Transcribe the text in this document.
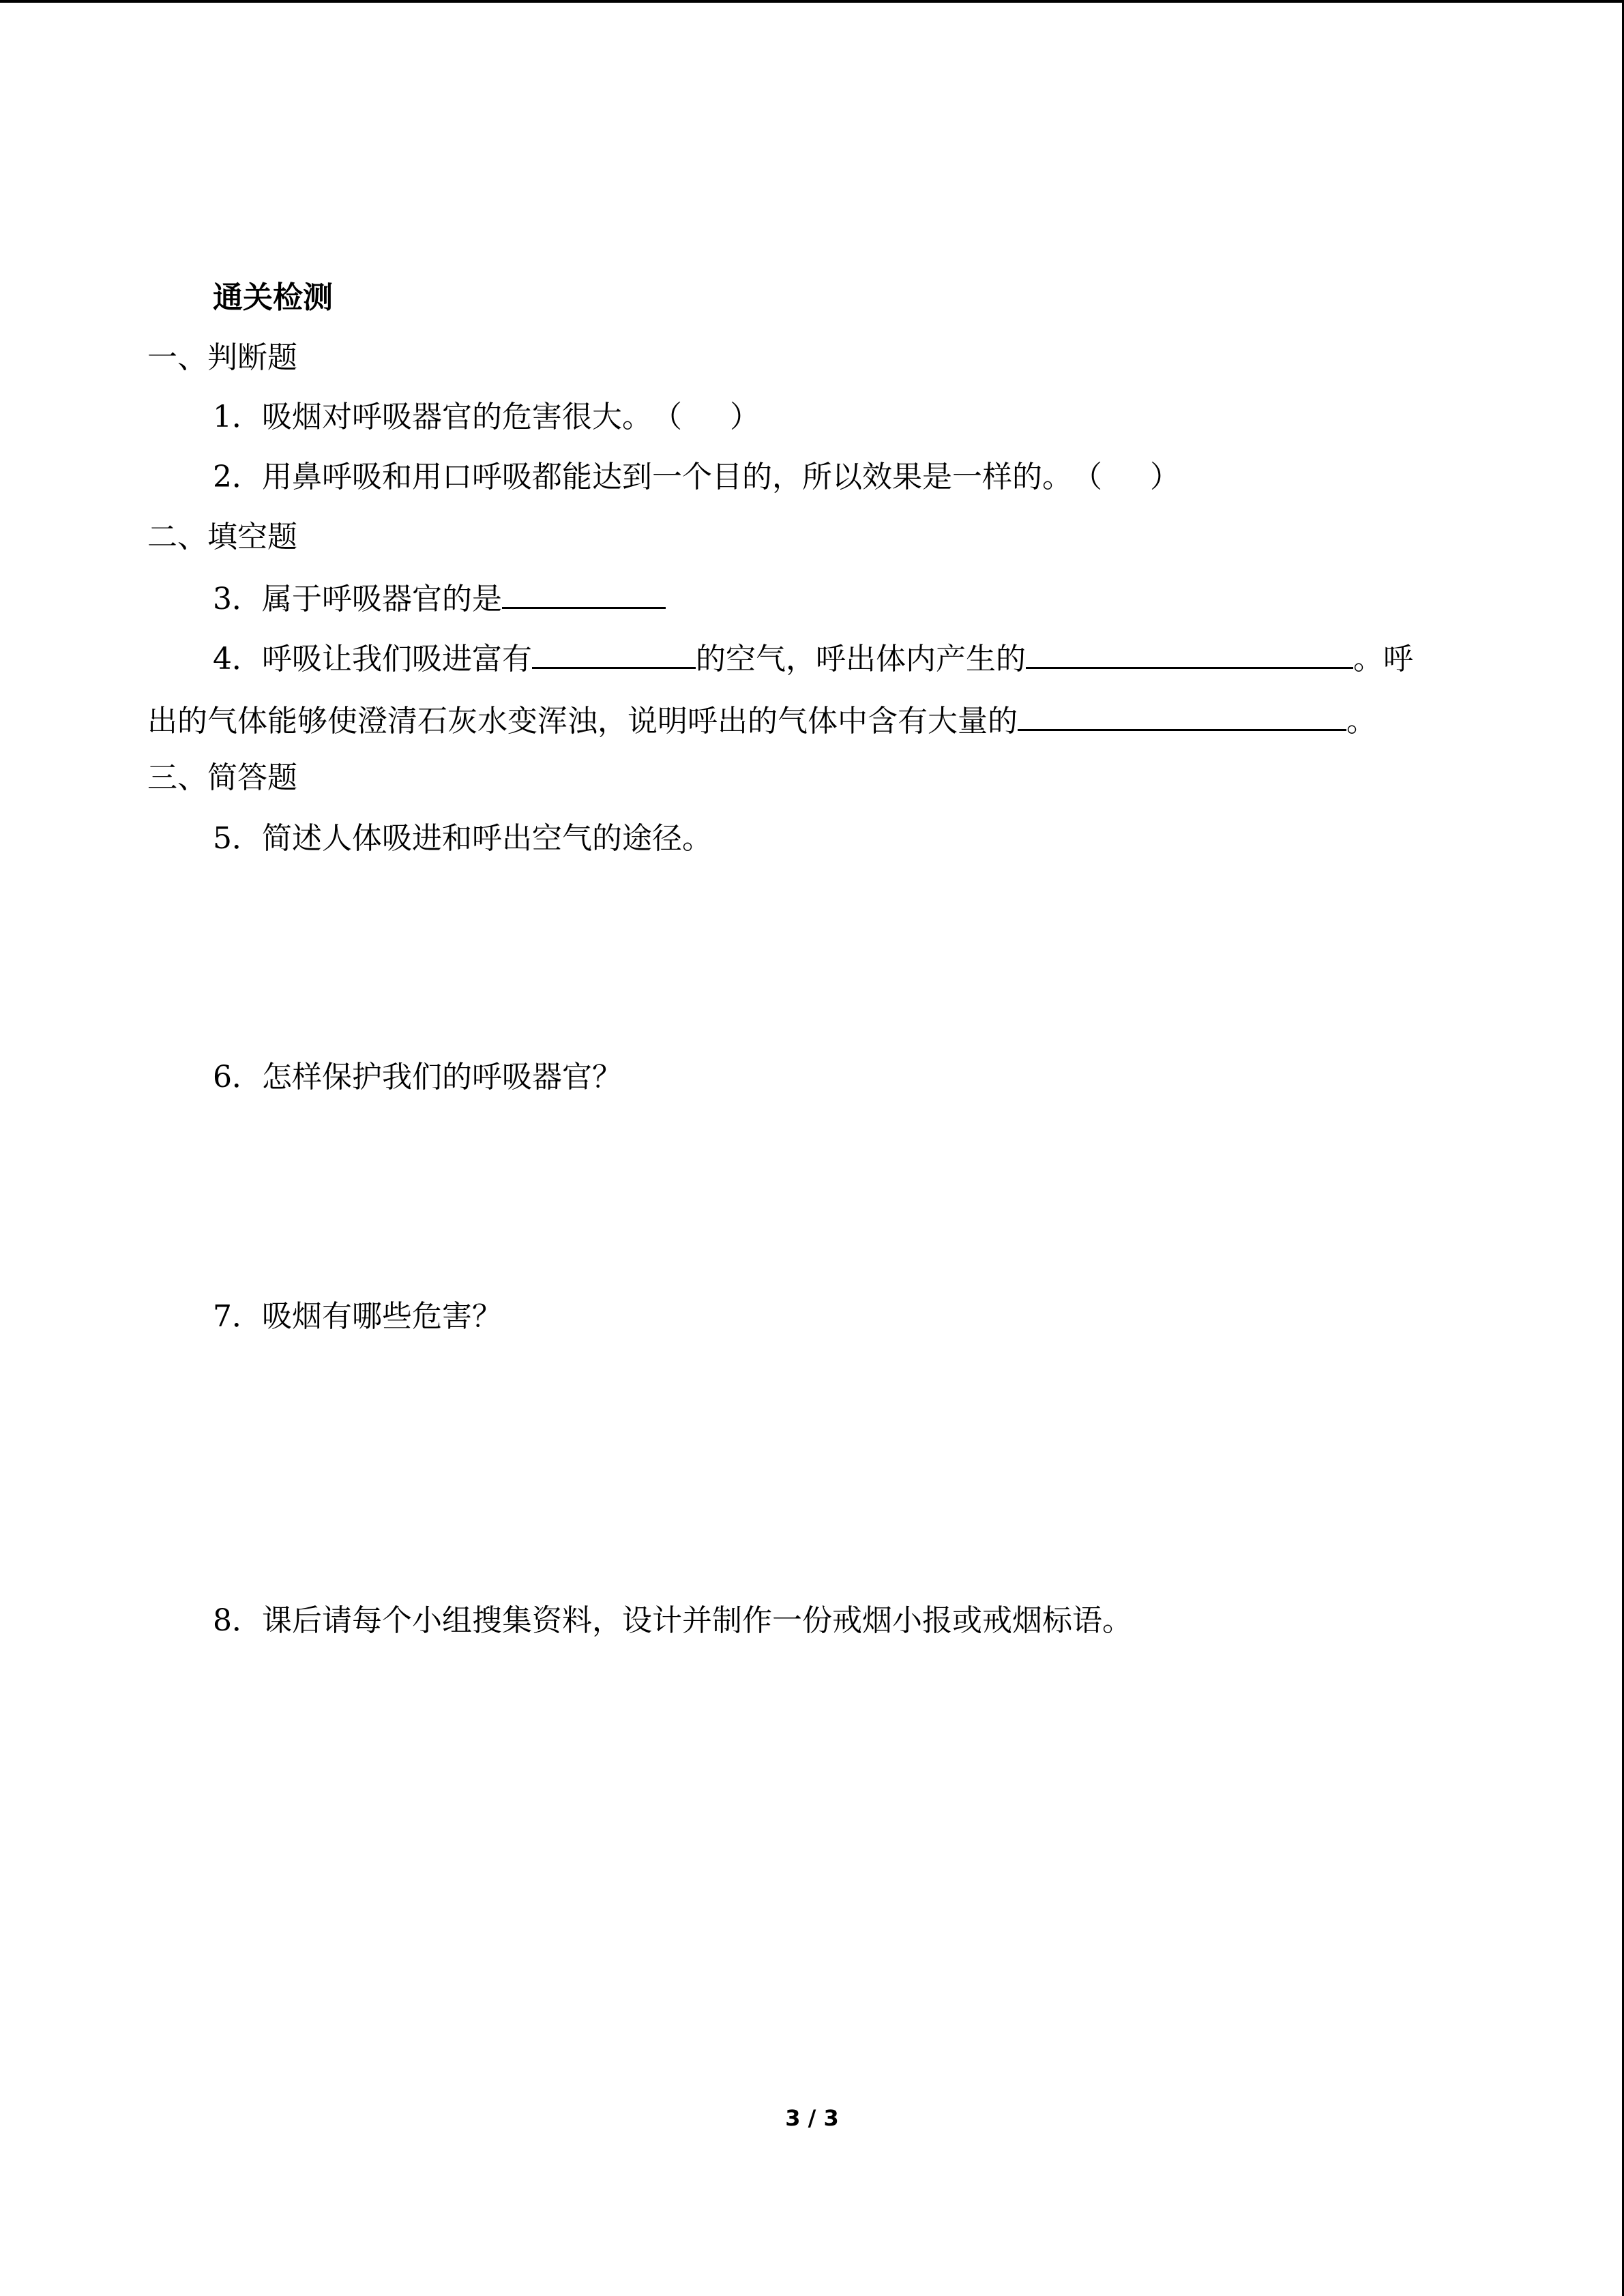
通关检测

一、判断题

1．吸烟对呼吸器官的危害很大。（ ）

2．用鼻呼吸和用口呼吸都能达到一个目的，所以效果是一样的。（ ）

二、填空题

3．属于呼吸器官的是

4．呼吸让我们吸进富有	的空气，呼出体内产生的	。呼

出的气体能够使澄清石灰水变浑浊，说明呼出的气体中含有大量的	。

三、简答题

5．简述人体吸进和呼出空气的途径。

6．怎样保护我们的呼吸器官？

7．吸烟有哪些危害？

8．课后请每个小组搜集资料，设计并制作一份戒烟小报或戒烟标语。

3 / 3
